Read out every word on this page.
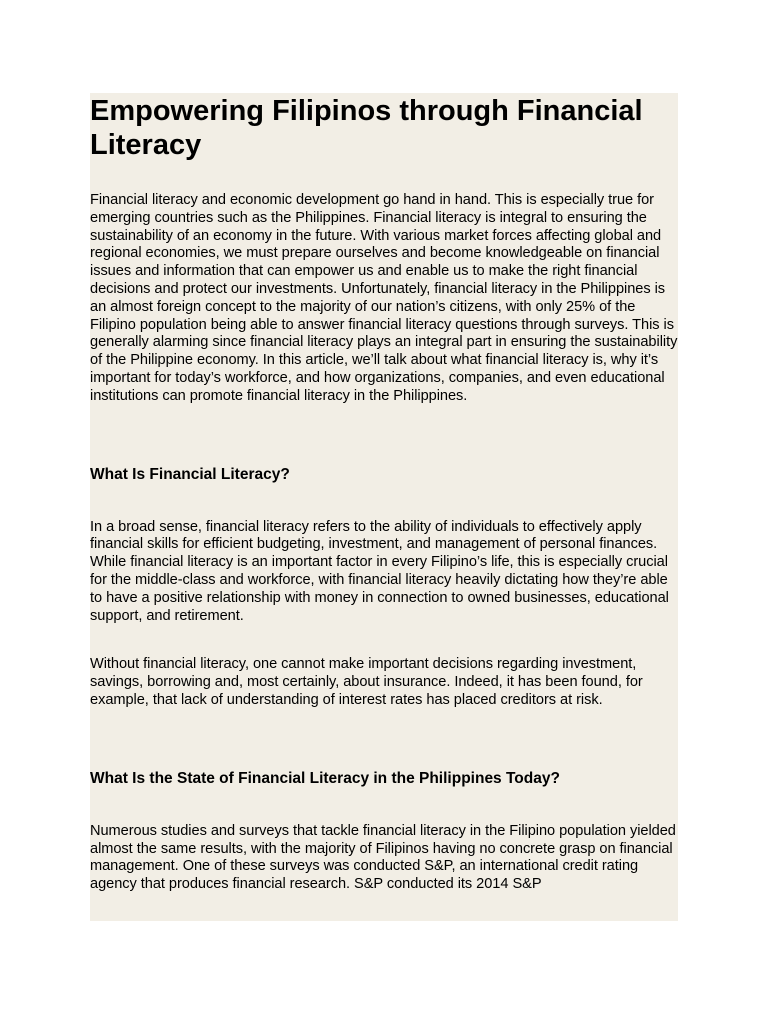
Empowering Filipinos through Financial Literacy

Financial literacy and economic development go hand in hand. This is especially true for emerging countries such as the Philippines. Financial literacy is integral to ensuring the sustainability of an economy in the future. With various market forces affecting global and regional economies, we must prepare ourselves and become knowledgeable on financial issues and information that can empower us and enable us to make the right financial decisions and protect our investments. Unfortunately, financial literacy in the Philippines is an almost foreign concept to the majority of our nation’s citizens, with only 25% of the Filipino population being able to answer financial literacy questions through surveys. This is generally alarming since financial literacy plays an integral part in ensuring the sustainability of the Philippine economy. In this article, we’ll talk about what financial literacy is, why it’s important for today’s workforce, and how organizations, companies, and even educational institutions can promote financial literacy in the Philippines.

What Is Financial Literacy?

In a broad sense, financial literacy refers to the ability of individuals to effectively apply financial skills for efficient budgeting, investment, and management of personal finances. While financial literacy is an important factor in every Filipino’s life, this is especially crucial for the middle-class and workforce, with financial literacy heavily dictating how they’re able to have a positive relationship with money in connection to owned businesses, educational support, and retirement.

Without financial literacy, one cannot make important decisions regarding investment, savings, borrowing and, most certainly, about insurance. Indeed, it has been found, for example, that lack of understanding of interest rates has placed creditors at risk.

What Is the State of Financial Literacy in the Philippines Today?

Numerous studies and surveys that tackle financial literacy in the Filipino population yielded almost the same results, with the majority of Filipinos having no concrete grasp on financial management. One of these surveys was conducted S&P, an international credit rating agency that produces financial research. S&P conducted its 2014 S&P
